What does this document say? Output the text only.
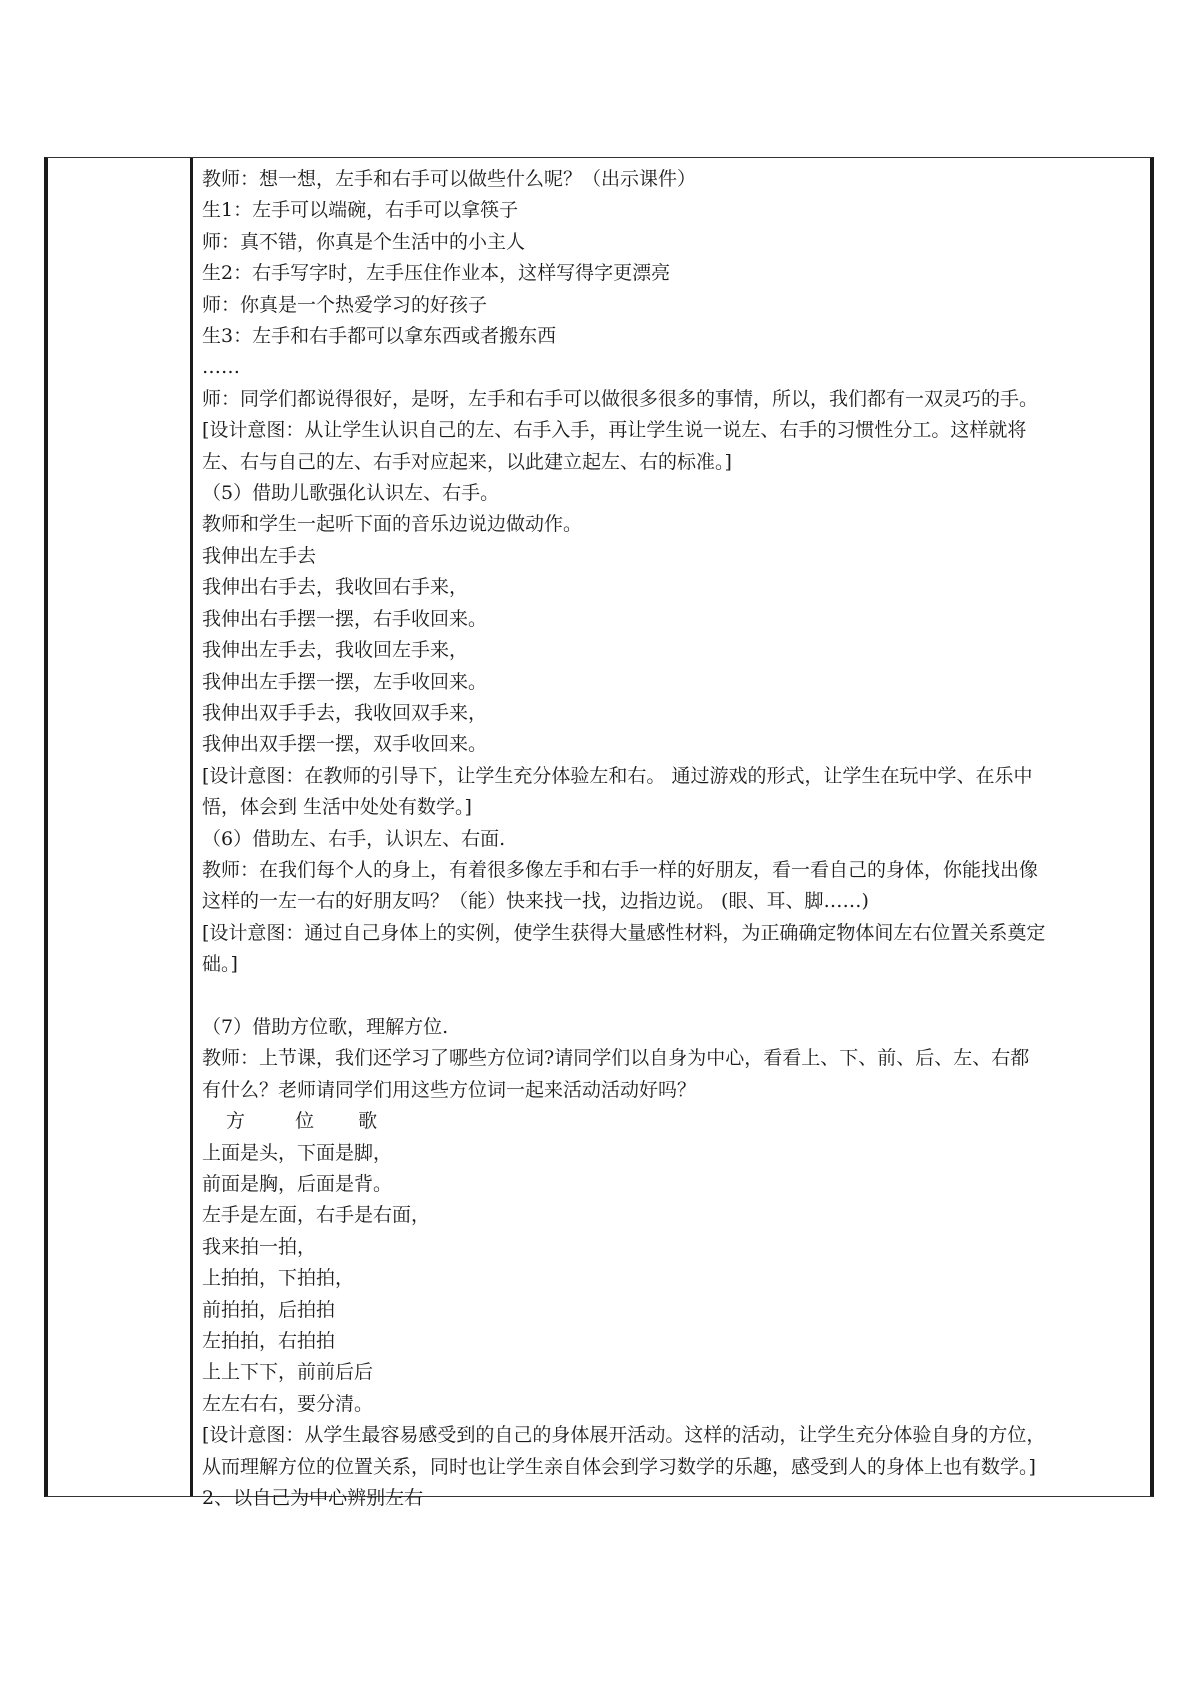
教师：想一想，左手和右手可以做些什么呢？（出示课件）
生1：左手可以端碗，右手可以拿筷子
师：真不错，你真是个生活中的小主人
生2：右手写字时，左手压住作业本，这样写得字更漂亮
师：你真是一个热爱学习的好孩子
生3：左手和右手都可以拿东西或者搬东西
……
师：同学们都说得很好，是呀，左手和右手可以做很多很多的事情，所以，我们都有一双灵巧的手。
[设计意图：从让学生认识自己的左、右手入手，再让学生说一说左、右手的习惯性分工。这样就将
左、右与自己的左、右手对应起来，以此建立起左、右的标准。]
（5）借助儿歌强化认识左、右手。
教师和学生一起听下面的音乐边说边做动作。
我伸出左手去
我伸出右手去，我收回右手来，
我伸出右手摆一摆，右手收回来。
我伸出左手去，我收回左手来，
我伸出左手摆一摆，左手收回来。
我伸出双手手去，我收回双手来，
我伸出双手摆一摆，双手收回来。
[设计意图：在教师的引导下，让学生充分体验左和右。 通过游戏的形式，让学生在玩中学、在乐中
悟，体会到 生活中处处有数学。]
（6）借助左、右手，认识左、右面.
教师：在我们每个人的身上，有着很多像左手和右手一样的好朋友，看一看自己的身体，你能找出像
这样的一左一右的好朋友吗？（能）快来找一找，边指边说。 (眼、耳、脚……)
[设计意图：通过自己身体上的实例，使学生获得大量感性材料，为正确确定物体间左右位置关系奠定
础。]
（7）借助方位歌，理解方位.
教师：上节课，我们还学习了哪些方位词?请同学们以自身为中心，看看上、下、前、后、左、右都
有什么？老师请同学们用这些方位词一起来活动活动好吗？
方	位 歌
上面是头，下面是脚，
前面是胸，后面是背。
左手是左面，右手是右面，
我来拍一拍，
上拍拍，下拍拍，
前拍拍，后拍拍
左拍拍，右拍拍
上上下下，前前后后
左左右右，要分清。
[设计意图：从学生最容易感受到的自己的身体展开活动。这样的活动，让学生充分体验自身的方位，
从而理解方位的位置关系，同时也让学生亲自体会到学习数学的乐趣，感受到人的身体上也有数学。]
2、以自己为中心辨别左右
